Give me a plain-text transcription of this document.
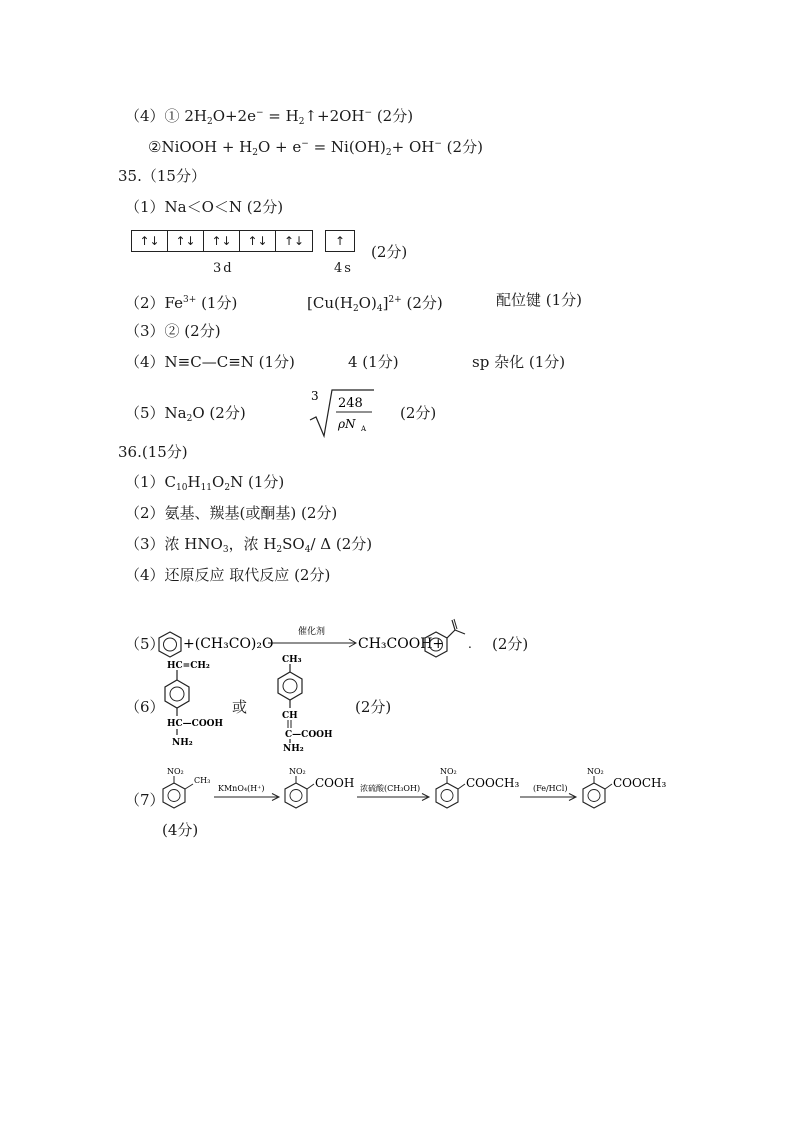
（4）① $2H_2O+2e^-$ = $H_2↑+2OH^-$ (2分)
②NiOOH + $H_2O + e^- = Ni(OH)_2+ OH^-$ (2分)
35.（15分）
（1）Na＜O＜N (2分)
↑↓	↑↓	↑↓	↑↓	↑↓	↑
3d	4s
(2分)
$(2)Fe^{3+}$ (1分)	$[Cu(H_2O)_4]^{2+}$ (2分)	配位键 (1分)
（3）② (2分)
（4）N≡C—C≡N (1分)	4 (1分)	sp 杂化 (1分)
$(5)Na_2O$ (2分)
3 248
ρN A
(2分)
36.(15分)
$(1)C_{10}H_{11}O_2N$ (1分)
（2）氨基、羰基(或酮基) (2分)
（3）浓 $HNO_3$，浓 $H_2SO_4/$ Δ (2分)
（4）还原反应 取代反应 (2分)
（5） +(CH₃CO)₂O
催化剂
CH₃COOH+ . (2分)
（6）
HC=CH₂
HC—COOH
NH₂
或
CH₃
CH
C—COOH
NH₂
(2分)
（7）
NO₂
CH₃
KMnO₄(H⁺)
NO₂
COOH 浓硫酸(CH₃OH)
NO₂
COOCH₃ (Fe/HCl)
NO₂
COOCH₃
(4分)
